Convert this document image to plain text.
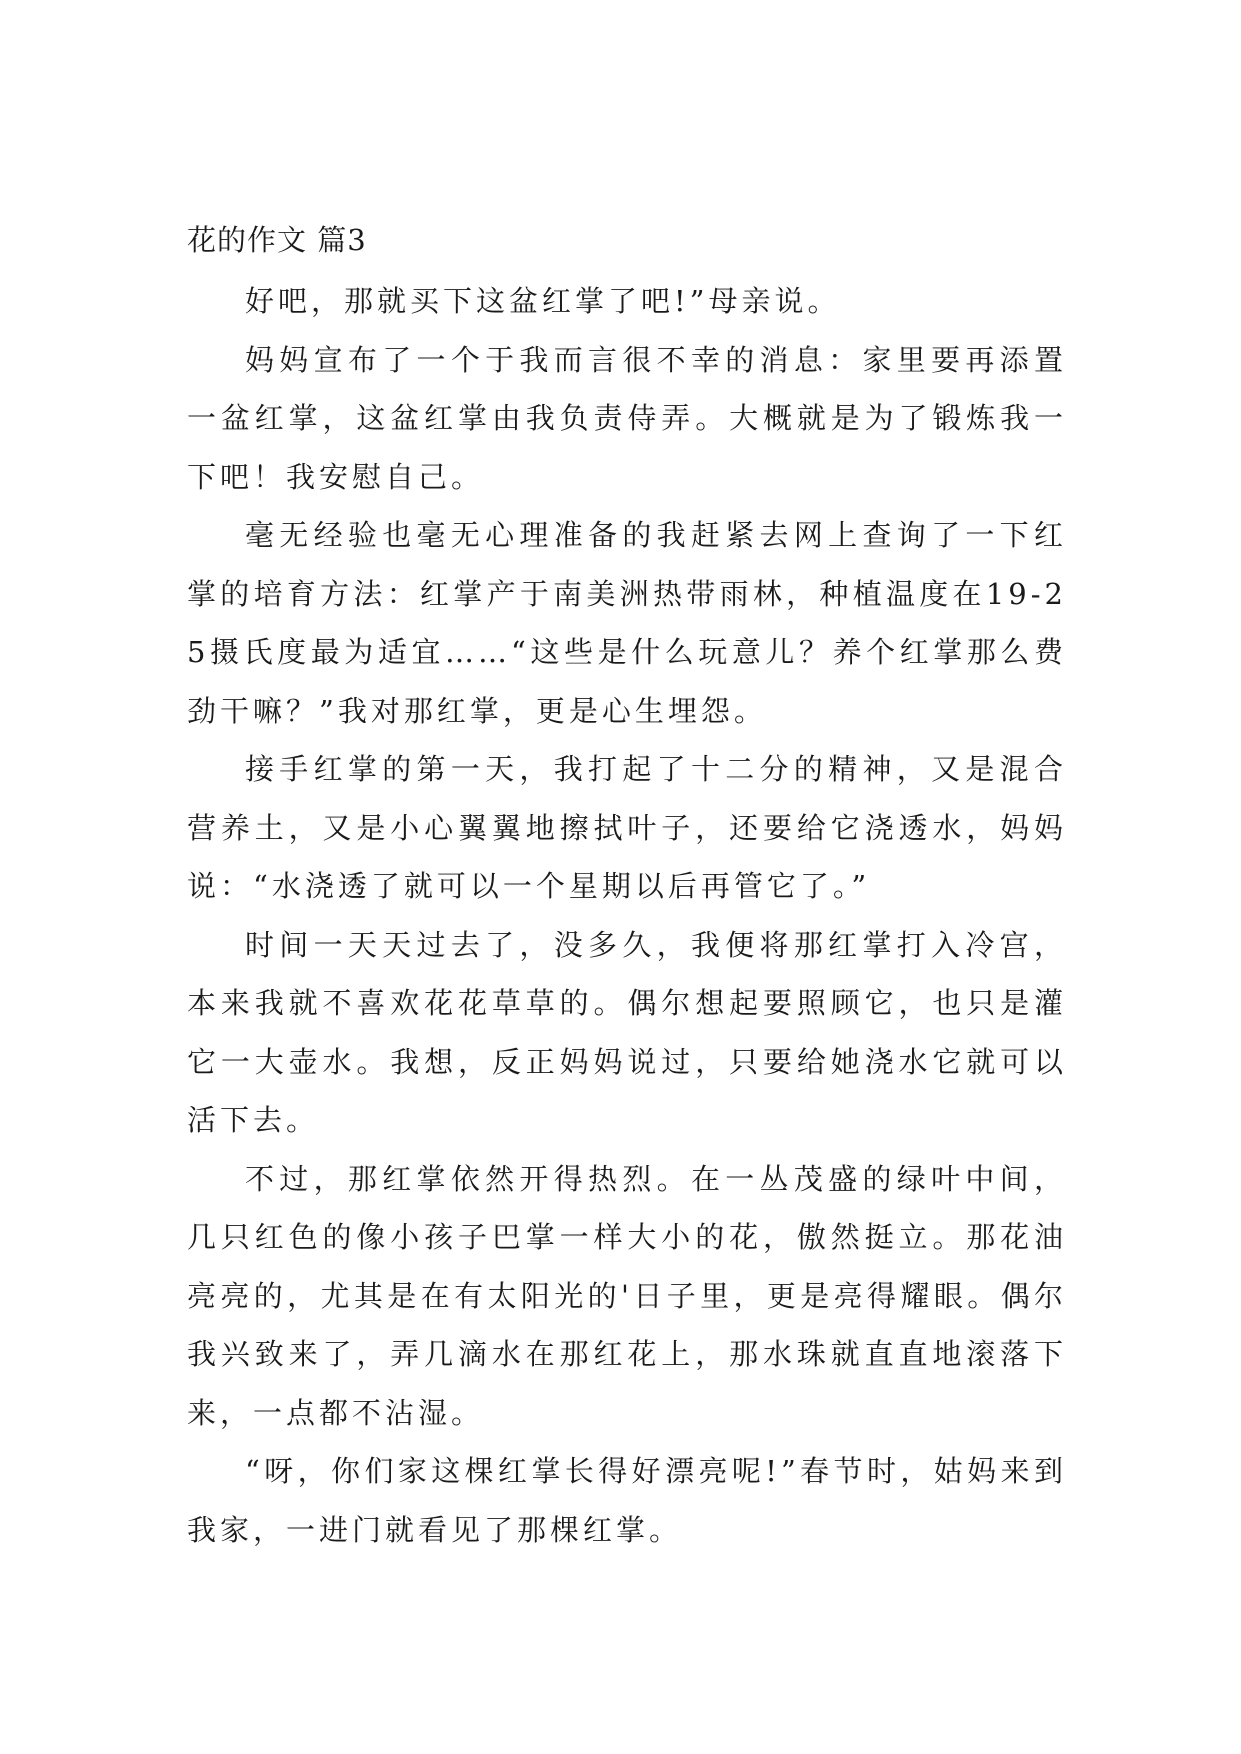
花的作文 篇3

好吧，那就买下这盆红掌了吧!”母亲说。

妈妈宣布了一个于我而言很不幸的消息：家里要再添置一盆红掌，这盆红掌由我负责侍弄。大概就是为了锻炼我一下吧！我安慰自己。

毫无经验也毫无心理准备的我赶紧去网上查询了一下红掌的培育方法：红掌产于南美洲热带雨林，种植温度在19-25摄氏度最为适宜……“这些是什么玩意儿？养个红掌那么费劲干嘛？”我对那红掌，更是心生埋怨。

接手红掌的第一天，我打起了十二分的精神，又是混合营养土，又是小心翼翼地擦拭叶子，还要给它浇透水，妈妈说：“水浇透了就可以一个星期以后再管它了。”

时间一天天过去了，没多久，我便将那红掌打入冷宫，本来我就不喜欢花花草草的。偶尔想起要照顾它，也只是灌它一大壶水。我想，反正妈妈说过，只要给她浇水它就可以活下去。

不过，那红掌依然开得热烈。在一丛茂盛的绿叶中间，几只红色的像小孩子巴掌一样大小的花，傲然挺立。那花油亮亮的，尤其是在有太阳光的'日子里，更是亮得耀眼。偶尔我兴致来了，弄几滴水在那红花上，那水珠就直直地滚落下来，一点都不沾湿。

“呀，你们家这棵红掌长得好漂亮呢!”春节时，姑妈来到我家，一进门就看见了那棵红掌。
